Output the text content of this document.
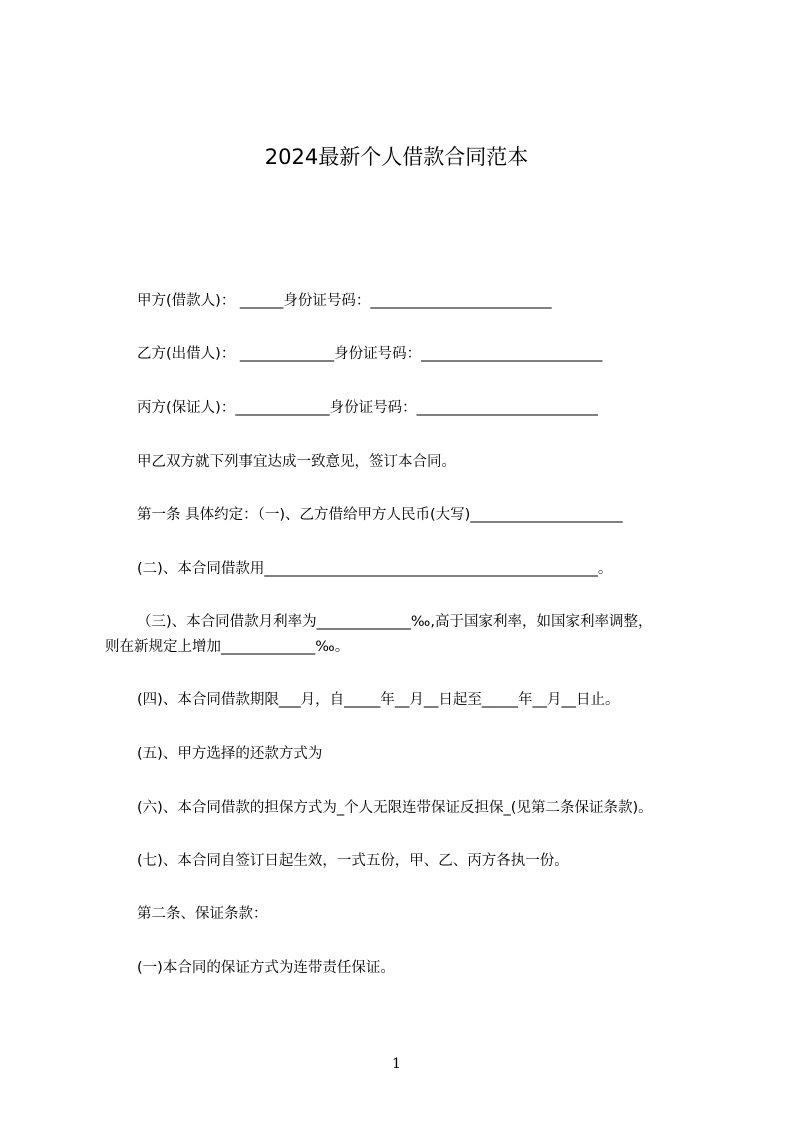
2024最新个人借款合同范本
甲方(借款人)： ______身份证号码：_________________________
乙方(出借人)： _____________身份证号码：_________________________
丙方(保证人)：_____________身份证号码：_________________________
甲乙双方就下列事宜达成一致意见，签订本合同。
第一条 具体约定：（一)、乙方借给甲方人民币(大写)_____________________
(二)、本合同借款用______________________________________________。
（三)、本合同借款月利率为_____________‰,高于国家利率，如国家利率调整，
则在新规定上增加_____________‰。
(四)、本合同借款期限___月，自_____年__月__日起至_____年__月__日止。
(五)、甲方选择的还款方式为
(六)、本合同借款的担保方式为_个人无限连带保证反担保_(见第二条保证条款)。
(七)、本合同自签订日起生效，一式五份，甲、乙、丙方各执一份。
第二条、保证条款：
(一)本合同的保证方式为连带责任保证。
1
